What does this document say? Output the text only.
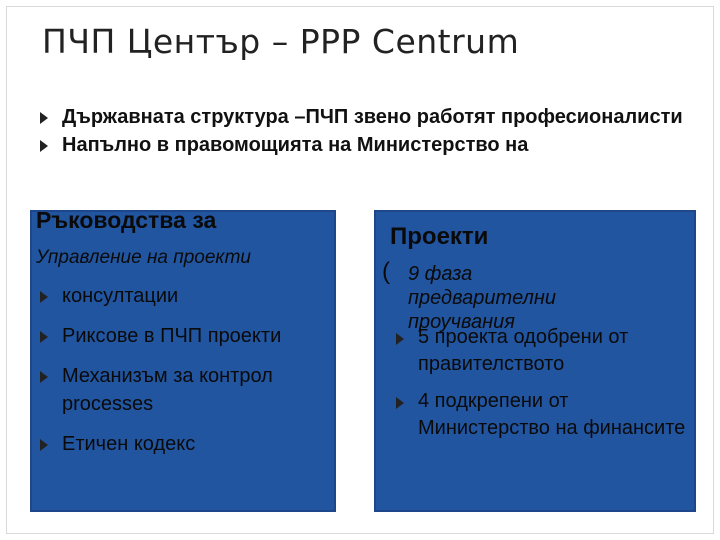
ПЧП Център – PPP Centrum
Държавната структура –ПЧП звено работят професионалисти
Напълно в правомощията на Министерство на
Ръководства за
Управление на проекти
консултации
Риксове в ПЧП проекти
Механизъм за контрол processes
Етичен кодекс
Проекти
( 9 фаза предварителни проучвания
5 проекта одобрени от правителството
4 подкрепени от Министерство на финансите
